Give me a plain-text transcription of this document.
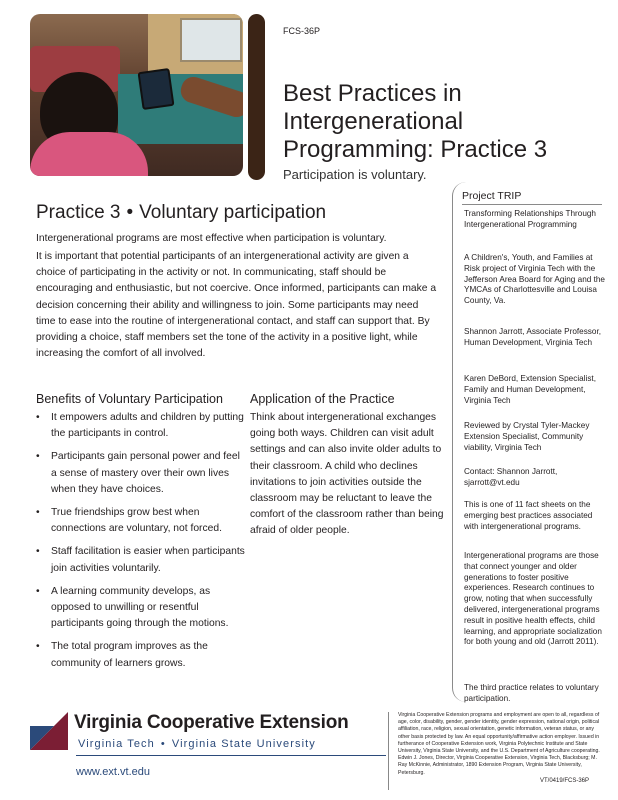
FCS-36P
Best Practices in
Intergenerational
Programming: Practice 3
Participation is voluntary.
Practice 3 • Voluntary participation

Intergenerational programs are most effective when participation is voluntary.

It is important that potential participants of an intergenerational activity are given a choice of participating in the activity or not. In communicating, staff should be encouraging and enthusiastic, but not coercive. Once informed, participants can make a decision concerning their ability and willingness to join. Some participants may need time to ease into the routine of intergenerational contact, and staff can support that. By providing a choice, staff members set the tone of the activity in a positive light, while increasing the comfort of all involved.

Benefits of Voluntary Participation
• It empowers adults and children by putting the participants in control.
• Participants gain personal power and feel a sense of mastery over their own lives when they have choices.
• True friendships grow best when connections are voluntary, not forced.
• Staff facilitation is easier when participants join activities voluntarily.
• A learning community develops, as opposed to unwilling or resentful participants going through the motions.
• The total program improves as the community of learners grows.
Application of the Practice

Think about intergenerational exchanges going both ways. Children can visit adult settings and can also invite older adults to their classroom. A child who declines invitations to join activities outside the classroom may be reluctant to leave the comfort of the classroom rather than being afraid of older people.

Project TRIP

Transforming Relationships Through Intergenerational Programming

A Children's, Youth, and Families at Risk project of Virginia Tech with the Jefferson Area Board for Aging and the YMCAs of Charlottesville and Louisa County, Va.

Shannon Jarrott, Associate Professor, Human Development, Virginia Tech

Karen DeBord, Extension Specialist, Family and Human Development, Virginia Tech

Reviewed by Crystal Tyler-Mackey Extension Specialist, Community viability, Virginia Tech

Contact: Shannon Jarrott, sjarrott@vt.edu

This is one of 11 fact sheets on the emerging best practices associated with intergenerational programs.

Intergenerational programs are those that connect younger and older generations to foster positive experiences. Research continues to grow, noting that when successfully delivered, intergenerational programs result in positive health effects, child learning, and appropriate socialization for both young and old (Jarrott 2011).

The third practice relates to voluntary participation.

Virginia Cooperative Extension
Virginia Tech • Virginia State University
www.ext.vt.edu

Virginia Cooperative Extension programs and employment are open to all, regardless of age, color, disability, gender, gender identity, gender expression, national origin, political affiliation, race, religion, sexual orientation, genetic information, veteran status, or any other basis protected by law. An equal opportunity/affirmative action employer. Issued in furtherance of Cooperative Extension work, Virginia Polytechnic Institute and State University, Virginia State University, and the U.S. Department of Agriculture cooperating. Edwin J. Jones, Director, Virginia Cooperative Extension, Virginia Tech, Blacksburg; M. Ray McKinnie, Administrator, 1890 Extension Program, Virginia State University, Petersburg.

VT/0419/FCS-36P
